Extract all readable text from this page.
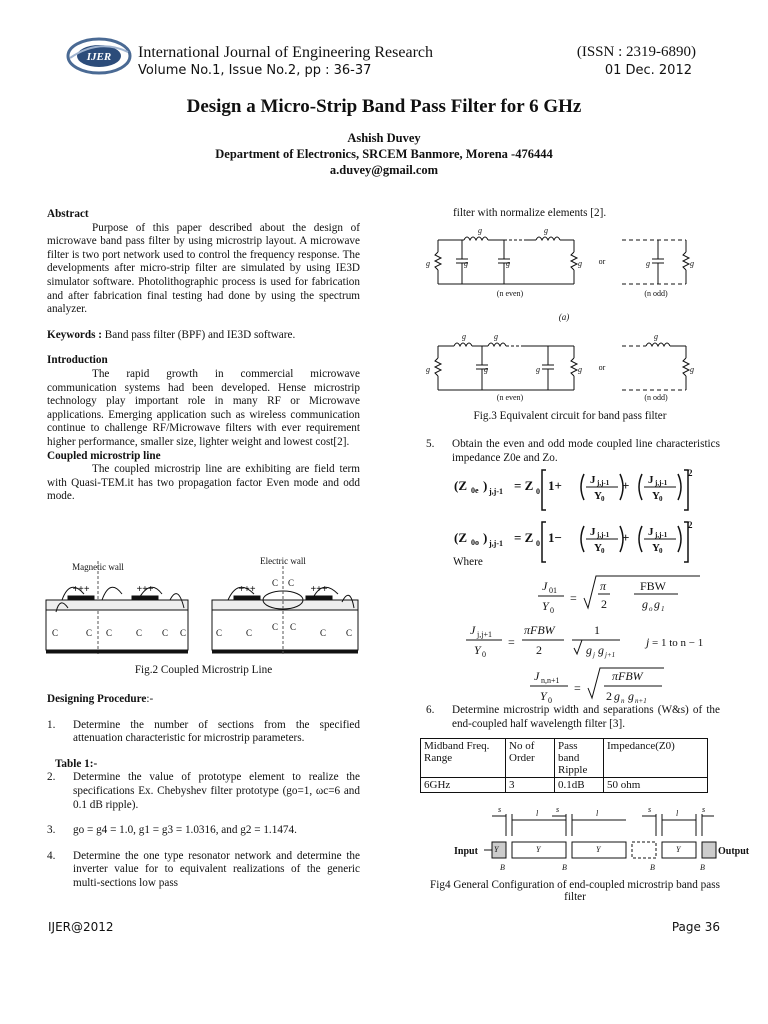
IJER International Journal of Engineering Research
Volume No.1, Issue No.2, pp : 36-37
(ISSN : 2319-6890)
01 Dec. 2012
Design a Micro-Strip Band Pass Filter for 6 GHz
Ashish Duvey
Department of Electronics, SRCEM Banmore, Morena -476444
a.duvey@gmail.com
Abstract

Purpose of this paper described about the design of microwave band pass filter by using microstrip layout. A microwave filter is two port network used to control the frequency response. The developments after micro-strip filter are simulated by using IE3D simulator software. Photolithographic process is used for fabrication and after fabrication final testing had done by using the spectrum analyzer.

Keywords : Band pass filter (BPF) and IE3D software.

Introduction

The rapid growth in commercial microwave communication systems had been developed. Hense microstrip technology play important role in many RF or Microwave applications. Emerging application such as wireless communication continue to challenge RF/Microwave filters with ever requirement higher performance, smaller size, lighter weight and lowest cost[2].

Coupled microstrip line

The coupled microstrip line are exhibiting are field term with Quasi-TEM.it has two propagation factor Even mode and odd mode.

Magnetic wall
Electric wall
+++	+++	+++	+++
C	C C	C C C	C	C
C C
C C
C C
Fig.2 Coupled Microstrip Line
Designing Procedure:-
1.	Determine the number of sections from the specified attenuation characteristic for microstrip parameters.
Table 1:-
2.	Determine the value of prototype element to realize the specifications Ex. Chebyshev filter prototype (go=1, ωc=6 and 0.1 dB ripple).
3.	go = g4 = 1.0, g1 = g3 = 1.0316, and g2 = 1.1474.
4.	Determine the one type resonator network and determine the inverter value for to equivalent realizations of the generic multi-sections low pass
filter with normalize elements [2].
g	g	g
g	g
g	g	g
g	g	g
g	g
g
g
g
(n even)	(n odd)
or
(a)
(n even)	(n odd)
or
Fig.3 Equivalent circuit for band pass filter
5.	Obtain the even and odd mode coupled line characteristics impedance Z0e and Zo.
(Z 0e ) j,j-1 = Z 0 1+	J j,j-1
Y 0
+ J j,j-1
Y 0
2
(Z 0o ) j,j-1 = Z 0 1−	J j,j-1
Y 0
+ J j,j-1
Y 0
2
Where
J 01
Y 0
=
π
2
FBW
g o g 1
J j,j+1
Y 0
=
πFBW
2
1
g j g j+1
j = 1 to n − 1
J n,n+1
Y 0
=
πFBW
2 g n g n+1
6.	Determine microstrip width and separations (W&s) of the end-coupled half wavelength filter [3].
Midband Freq. Range	No of Order	Pass band Ripple	Impedance(Z0)
6GHz	3	0.1dB	50 ohm
Input	Output
Y	Y	Y
Y
s	s	s	s
l	l	l
B	B	B	B
Fig4 General Configuration of end-coupled microstrip band pass filter
IJER@2012	Page 36
